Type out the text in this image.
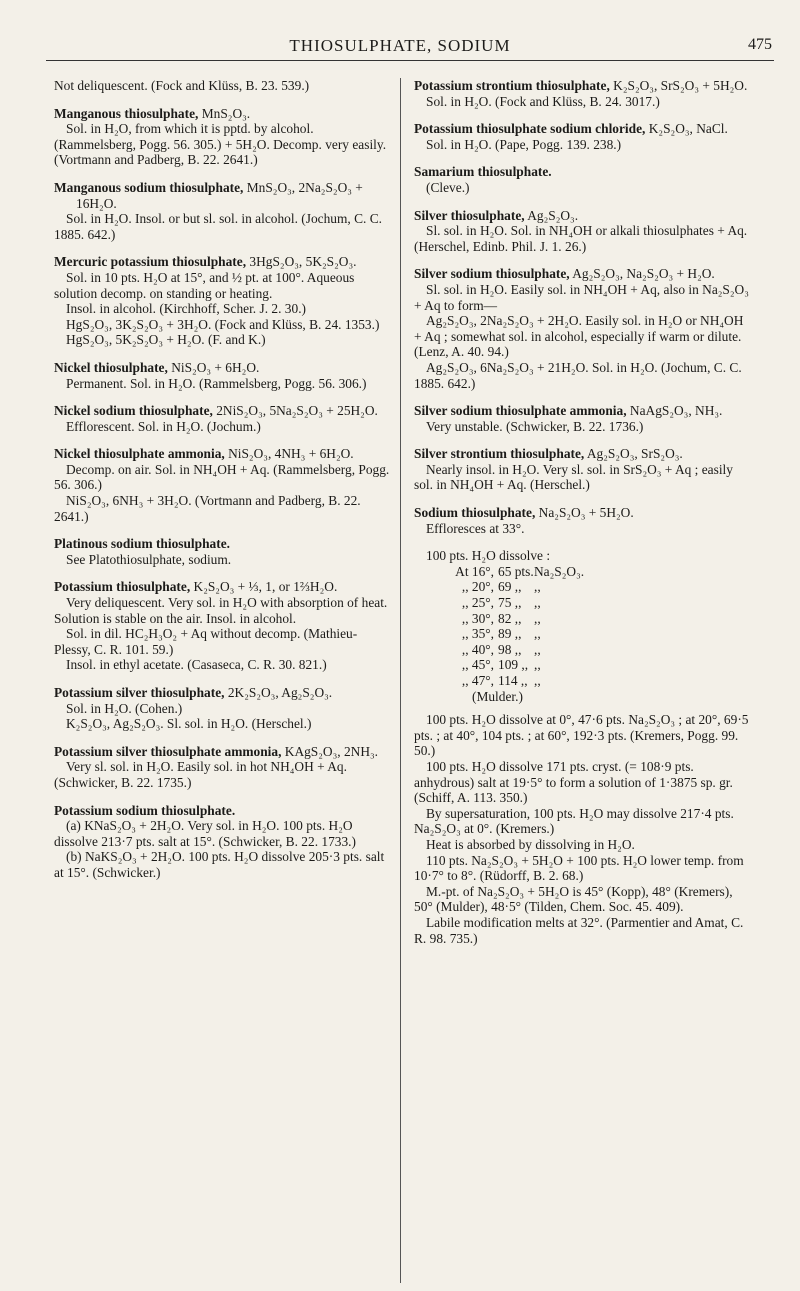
THIOSULPHATE, SODIUM	475

Not deliquescent. (Fock and Klüss, B. 23. 539.)

Manganous thiosulphate, MnS₂O₃.

Sol. in H₂O, from which it is pptd. by alcohol. (Rammelsberg, Pogg. 56. 305.) + 5H₂O. Decomp. very easily. (Vortmann and Padberg, B. 22. 2641.)

Manganous sodium thiosulphate, MnS₂O₃, 2Na₂S₂O₃ + 16H₂O.

Sol. in H₂O. Insol. or but sl. sol. in alcohol. (Jochum, C. C. 1885. 642.)

Mercuric potassium thiosulphate, 3HgS₂O₃, 5K₂S₂O₃.

Sol. in 10 pts. H₂O at 15°, and ½ pt. at 100°. Aqueous solution decomp. on standing or heating.

Insol. in alcohol. (Kirchhoff, Scher. J. 2. 30.)

HgS₂O₃, 3K₂S₂O₃ + 3H₂O. (Fock and Klüss, B. 24. 1353.)

HgS₂O₃, 5K₂S₂O₃ + H₂O. (F. and K.)

Nickel thiosulphate, NiS₂O₃ + 6H₂O.

Permanent. Sol. in H₂O. (Rammelsberg, Pogg. 56. 306.)

Nickel sodium thiosulphate, 2NiS₂O₃, 5Na₂S₂O₃ + 25H₂O.

Efflorescent. Sol. in H₂O. (Jochum.)

Nickel thiosulphate ammonia, NiS₂O₃, 4NH₃ + 6H₂O.

Decomp. on air. Sol. in NH₄OH + Aq. (Rammelsberg, Pogg. 56. 306.)

NiS₂O₃, 6NH₃ + 3H₂O. (Vortmann and Padberg, B. 22. 2641.)

Platinous sodium thiosulphate.

See Platothiosulphate, sodium.

Potassium thiosulphate, K₂S₂O₃ + ⅓, 1, or 1⅔H₂O.

Very deliquescent. Very sol. in H₂O with absorption of heat. Solution is stable on the air. Insol. in alcohol.

Sol. in dil. HC₂H₃O₂ + Aq without decomp. (Mathieu-Plessy, C. R. 101. 59.)

Insol. in ethyl acetate. (Casaseca, C. R. 30. 821.)

Potassium silver thiosulphate, 2K₂S₂O₃, Ag₂S₂O₃.

Sol. in H₂O. (Cohen.)

K₂S₂O₃, Ag₂S₂O₃. Sl. sol. in H₂O. (Herschel.)

Potassium silver thiosulphate ammonia, KAgS₂O₃, 2NH₃.

Very sl. sol. in H₂O. Easily sol. in hot NH₄OH + Aq. (Schwicker, B. 22. 1735.)

Potassium sodium thiosulphate.

(a) KNaS₂O₃ + 2H₂O. Very sol. in H₂O. 100 pts. H₂O dissolve 213·7 pts. salt at 15°. (Schwicker, B. 22. 1733.)

(b) NaKS₂O₃ + 2H₂O. 100 pts. H₂O dissolve 205·3 pts. salt at 15°. (Schwicker.)

Potassium strontium thiosulphate, K₂S₂O₃, SrS₂O₃ + 5H₂O.

Sol. in H₂O. (Fock and Klüss, B. 24. 3017.)

Potassium thiosulphate sodium chloride, K₂S₂O₃, NaCl.

Sol. in H₂O. (Pape, Pogg. 139. 238.)

Samarium thiosulphate.

(Cleve.)

Silver thiosulphate, Ag₂S₂O₃.

Sl. sol. in H₂O. Sol. in NH₄OH or alkali thiosulphates + Aq. (Herschel, Edinb. Phil. J. 1. 26.)

Silver sodium thiosulphate, Ag₂S₂O₃, Na₂S₂O₃ + H₂O.

Sl. sol. in H₂O. Easily sol. in NH₄OH + Aq, also in Na₂S₂O₃ + Aq to form—

Ag₂S₂O₃, 2Na₂S₂O₃ + 2H₂O. Easily sol. in H₂O or NH₄OH + Aq ; somewhat sol. in alcohol, especially if warm or dilute. (Lenz, A. 40. 94.)

Ag₂S₂O₃, 6Na₂S₂O₃ + 21H₂O. Sol. in H₂O. (Jochum, C. C. 1885. 642.)

Silver sodium thiosulphate ammonia, NaAgS₂O₃, NH₃.

Very unstable. (Schwicker, B. 22. 1736.)

Silver strontium thiosulphate, Ag₂S₂O₃, SrS₂O₃.

Nearly insol. in H₂O. Very sl. sol. in SrS₂O₃ + Aq ; easily sol. in NH₄OH + Aq. (Herschel.)

Sodium thiosulphate, Na₂S₂O₃ + 5H₂O.

Effloresces at 33°.

100 pts. H₂O dissolve :

At 16°, 65 pts. Na₂S₂O₃.
,, 20°, 69 ,, ,,
,, 25°, 75 ,, ,,
,, 30°, 82 ,, ,,
,, 35°, 89 ,, ,,
,, 40°, 98 ,, ,,
,, 45°, 109 ,, ,,
,, 47°, 114 ,, ,,
(Mulder.)

100 pts. H₂O dissolve at 0°, 47·6 pts. Na₂S₂O₃ ; at 20°, 69·5 pts. ; at 40°, 104 pts. ; at 60°, 192·3 pts. (Kremers, Pogg. 99. 50.)

100 pts. H₂O dissolve 171 pts. cryst. (= 108·9 pts. anhydrous) salt at 19·5° to form a solution of 1·3875 sp. gr. (Schiff, A. 113. 350.)

By supersaturation, 100 pts. H₂O may dissolve 217·4 pts. Na₂S₂O₃ at 0°. (Kremers.)

Heat is absorbed by dissolving in H₂O.

110 pts. Na₂S₂O₃ + 5H₂O + 100 pts. H₂O lower temp. from 10·7° to 8°. (Rüdorff, B. 2. 68.)

M.-pt. of Na₂S₂O₃ + 5H₂O is 45° (Kopp), 48° (Kremers), 50° (Mulder), 48·5° (Tilden, Chem. Soc. 45. 409).

Labile modification melts at 32°. (Parmentier and Amat, C. R. 98. 735.)
